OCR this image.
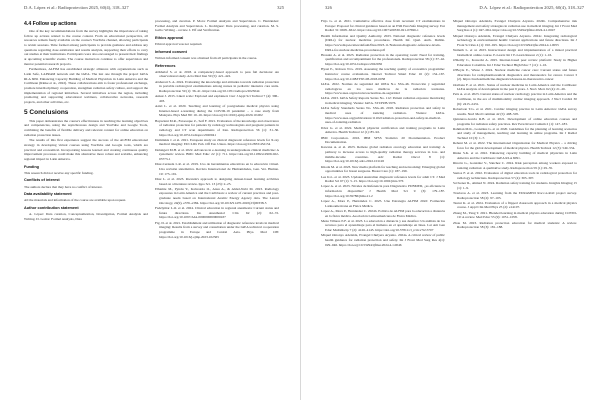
D.A. López et al.: Radioprotection 2025, 60(4), 318–327	325
4.4 Follow up actions

One of the key recommendations from the survey highlights the importance of taking follow up actions related to the course content. From an educational perspective, all resources remain freely available on the course's YouTube channel, allowing participants to revisit sessions. Time formed among participants to provide guidance and address any questions regarding dose estimation and results analysis, supporting their efforts to carry out studies at their institutions. Participants were also encouraged to present their findings at upcoming scientific events. The course instructors continue to offer supervision and mentor potential research projects.

Furthermore, ALFIM has established strategic alliances with organizations such as Latin Safe, LAPRAM network and the IAEA. The last one through the project IAEA RLA 6091 Enhancing Capacity Building of Medical Physicists in Latin America and the Caribbean (Rinke et al., 2022). These collaborations aim to foster professional exchange, promote interdisciplinary cooperation, strengthen radiation safety culture, and support the implementation of regional initiatives. Several initiatives across the region, including promoting and supporting educational webinars, collaborative networks, research projects, and other activities, etc.

5 Conclusions

This paper demonstrates the course's effectiveness in reaching the learning objectives and competencies, using the asynchronous design and YouTube and Google Tools, combining the benefits of flexible delivery and relevant content for online education on radiation protection issues.

The results of this first experience suggest the success of the ALFIM educational strategy in developing virtual courses using YouTube and Google tools, which are practical and economical. Incorporating lessons learned and creating continuous quality improvement processes could make this alternative more robust and scalable, enhancing regional impact in Latin America.

Funding

This research did not receive any specific funding.

Conflicts of interest

The authors declare that they have no conflict of interest.

Data availability statement

All the materials and information of the course are available upon request.

Author contribution statement

A. López: Data curation, Conceptualization, Investigation, Formal Analysis and Writing. D. Goitre: Formal Analysis, Data

processing, and curation. P. Mora: Formal Analysis and Supervision. C. Hernández: Formal Analysis and Supervision. L. Rodríguez: Data processing, and curation. M. S. Gallo: Writing – review. I. Eff and Verification.

Ethics approval

Ethical approval was not required.

Informed consent

Written informed consent was obtained from all participants in the course.

References
AlKhalaf S. et al. 2018. A competency-based approach to pass fail decisions: An observational study. Acta Med Iran 59 (5): 421–422.
Alsharari S. A. 2024. Evaluating the knowledge and attitudes towards radiation protection in portable radiological examinations among nurses in pediatric intensive care units. Radioprotection 59 (1): 36–41. https://doi.org/10.1051/radiopro/2023044
Ankur J. 2015. Likert scale: Explored and explained. Curr J Appl Sci Technol 7 (4): 396–403.
Azizi L. et al. 2020. Teaching and learning of postgraduate medical physics using Internet-based e-learning during the COVID-19 pandemic – a case study from Malaysia. Phys Med 80: 10–16. https://doi.org/10.1016/j.ejmp.2020.10.002
Bayaziani M.R., Faraoaque Z., Seif F. 2021. Evaluation of the knowledge and observance of radiation protection for patients by radiology technologists and pregnant patients in radiology and CT scan departments of Iran. Radioprotection 56 (1): 31–36. https://doi.org/10.1051/radiopro/2020041
Damilakis J. et al. 2021. European study on clinical diagnostic reference levels for X-ray medical imaging: EUCLID. Pub. Off Eur. Union. https://doi.org/10.2833/452154
Delungeri M.H. et al. 2022. Advances in e-learning in undergraduate clinical medicine: A systematic review. BMC Med Educ 22 (1): 711. https://doi.org/10.1186/s12909-022-03773-1
Díaz-Cernuda L.R. et al. 2019. Uso de herramientas educativas en la educación virtual. Una revisión sistemática. Revista Internacional de Humanidades, Gen. Ver. Human. 19: 173–191.
Díaz L. et al. 2023. Rwanda's approach to designing dataset-based learning activities based on a literature review. Ippo Sci. 13 (23): 2–25.
Elhamie M., Pyndu Y., Kalwatola O., Ansu A., & Abdel-Nabi M. 2023. Radiology exposures in Latin America and the Caribbean: a review of current practices and post-graduate needs based on International Atomic Energy Agency data. The Lancet Oncology, 24(9), e376–e384. https://doi.org/10.1016/S1470-2045(23)00338-5
Fadzlymar L.O. et al. 2024. Clinical education in regional anesthesia: Current status and future directions. Int. Anesthesiol Clin 62 (2): 62–72. https://doi.org/10.1097/AIA.0000000000000437
Fig. D. et al. 2021. Establishment and utilization of diagnostic reference levels in medical imaging: Results from a survey and consultation under the IAEA technical cooperation programme in Europe and Central Asia. Phys. Med 108: https://doi.org/10.1016/j.ejmp.2023.102565
326	D.A. López et al.: Radioprotection 2025, 60(4), 318–327
Fitjo G. et al. 2021. Cumulative effective dose from recurrent CT examinations in Europe: Proposal for clinical guidance based on an ESR EuroSafe Imaging survey. Eur Radiol 31: 6605–6612. https://doi.org/10.1007/s00330-021-07696-1
Health Information and Quality Authority. 2023. National diagnostic reference levels (DRLs) for nuclear medicine procedures. Health Inf. Qual. Auth. Dublin. https://www.hiqa.ie/sites/default/files/2023-11/National-diagnostic-reference-levels-DRLs-for-nuclear-medicine-procedures.pdf
Hossain A. et al. 2023. Radiation protection in the operating room: Need for training, qualification and accompaniment for the professionals. Radioprotection 58 (1): 37–42. https://doi.org/10.1051/radiopro/2022036
Hyasi E., Robson N.G. 2019. Assessing the teaching quality of economics programme: Instructor course evaluations. Interact Technol Smart Educ 16 (2): 154–167. https://doi.org/10.1108/ITSE-08-2018-0058
IAEA. 2022. Normas de seguridad del OIEA N.o SSG-46. Protección y seguridad radiológicas en los usos médicos de la radiación ionizante. https://www.iaea.org/es/recursos/normas-de-seguridad
IAEA. 2023. IAEA Safety Reports Series No. 112: Patient radiation exposure monitoring in medical imaging. Vienna: IAEA. STI/PUB/1976.
IAEA Safety Standards Series No. SSG-46. 2018. Radiation protection and safety in medical uses of ionizing radiation. Vienna: IAEA. https://www.iaea.org/publications/11102/radiation-protection-and-safety-in-medical-uses-of-ionizing-radiation
Ibbot G. et al. 2022. Medical physicist certification and training programs in Latin America. Health Technol 12 (1): 85–92.
IBM Corporation. 2016. IBM SPSS Statistics 20 Documentation. Product Documentation.
Kawana A. et al. 2023. Remote global radiation oncology education and training: A pathway to increase access to high-quality radiation therapy services in low- and middle-income countries. Adv Radiat Oncol 8 (1): https://doi.org/10.1016/j.adro.2022.101126
Khoda M. et al. 2023. New media platform for teaching and networking: Emerging global opportunities for breast surgeons. Breast Care (1): 187–199.
Lee K.L. et al. 2023. Updated Australian diagnostic reference levels for adult CT. J Med Radiat Sci 67 (1): 5–15. https://doi.org/10.1002/jmrs.376
López A. et al. 2023. Niveles de Referencia para Diagnóstico PUBMED, ¿es eficiente la información disponible? J Health Med Sci 9 (3): 179–187. https://doi.org/10.59786/jhms.21.2
López A., Mora P., Hernández C. 2025. Una Estrategia ALFIM 2022: Formación Latinoamericana en Física Médica.
López A., Mora P., Hernández C. 2024b. Política de ALFIM para la educación a distancia en la física médica. Asociación Latinoamericana de Física Médica.
Mena Villares E.F. et al. 2023. La educación a distancia y sus desafíos: Un análisis de los recursos para el aprendizaje para el humano en el aprendizaje en línea. Lat Am Gen Educ Multidiscip 7 (2): 4126–4145. https://doi.org/10.37811/cl_rcm.v7i2.5707
Miquel Ontonyo Adelaida, Evangel Chulyers Aryanto. 2024a. A critical review of public health guidance for radiation protection and safety. Int J Front Med Surg Res 4(1): 029–046. https://doi.org/10.53294/ijfmsr.2024.4.1.0046
Miquel Ontonyo Adelaida, Evangel Chulyers Aryanto. 2024b. Comprehensive risk management and safety strategies in radiation use in medical imaging. Int J Front Med Surg Res 4 (1): 047–064. https://doi.org/10.53294/ijfmsr.2024.4.1.0047
Miquel Ontonyo Adelaida, Evangel Chulyers Aryanto. 2024c. Integrating radiological technology in environmental health: Current applications and future directions. Int J Front Sci Res 4 (1): 010–025. https://doi.org/10.53294/ijfsr.2024.4.1.0055
Nemeth L. et al. 2023. Instructional design and implementation of a mixed practical biomedical online course. E-Learn: Int J E-Learn Resour 2 (1): 1–16.
O'Reilly C., Kawecki A. 2025. Internet-based peer review platform: Study in Higher Education Colombia. Int J Educ Technol High Educ 7 (11): 1–16.
O'Boyle E., Wiese J. 2024. Nuclear medicine cancer care: Current status and future directions for radiopharmaceutical diagnostics and theranostics for cancer. Cancer 3 (2). https://nuclearmedicine.diagnostics/lessons-in-theranostics-cancer
Orellana F. et al. 2021. Status of nuclear medicine in Latin America and the Caribbean: IAEA analysis of development in the past 6 years. J. Nucl. Med. 62 (4): 21–26.
Peix A. et al. 2023. Current status of nuclear cardiology practice in Latin America and the Caribbean, in the era of multimodality cardiac imaging approach. J Nucl Cardiol 30 (6): 2415–2431.
Robertson T.G. et al. 2021. Cardiac imaging practice in Latin America: IAEA survey results. Nucl Med Commun 42 (5): 498–505.
Quinteros-Garcia R.B. et al. 2021. Development of online education courses and programs for radiation safety practices. Rev Peru Invest Comum 2 (1): 147–183.
Rahman M.K., Gonzáles G. et al. 2020. Guidelines for the planning of learning scenarios and study of management, teaching and learning in online programs. Int J Radiol Technol 10 (3): 1–7.
Rehani M. et al. 2022. The International Organization for Medical Physics – a driving force for the global development of medical physics. Health Technol 12 (3): 549–554.
Rinke S.K. et al. 2022. Enhancing capacity building of medical physicists in Latin America and the Caribbean: IAEA RLA 6091.
Rincón G., González V., Sánchez C. 2024. Risk perception among workers exposed to ionizing radiation: A qualitative study. Radioprotection 59 (1): 29–35.
Santos F. et al. 2022. Evaluation of digital education tools in radiological protection for radiology technicians. Radioprotection 57 (4): 303–307.
Scrivener R., Ahmed N. 2024. Radiation safety training for students. Insights Imaging 15 (1): 1–9.
Trasloros A. et al. 2023. Learning from the EURAMED Rocc-n-Roll project survey. Radioprotection 58 (2): 97–103.
Tsurui K. et al. 2024. Evaluation of a flipped classroom approach in a medical physics course. J Appl Clin Med Phys 25 (2): e14107.
Zhang M., Yang T. 2021. Blended learning in medical physics education during COVID-19: A review. Med Educ 55 (9): 1051–1058.
Zhou M. 2023. Radiation protection education for medical students: A review. Radioprotection 58 (3): 181–188.
